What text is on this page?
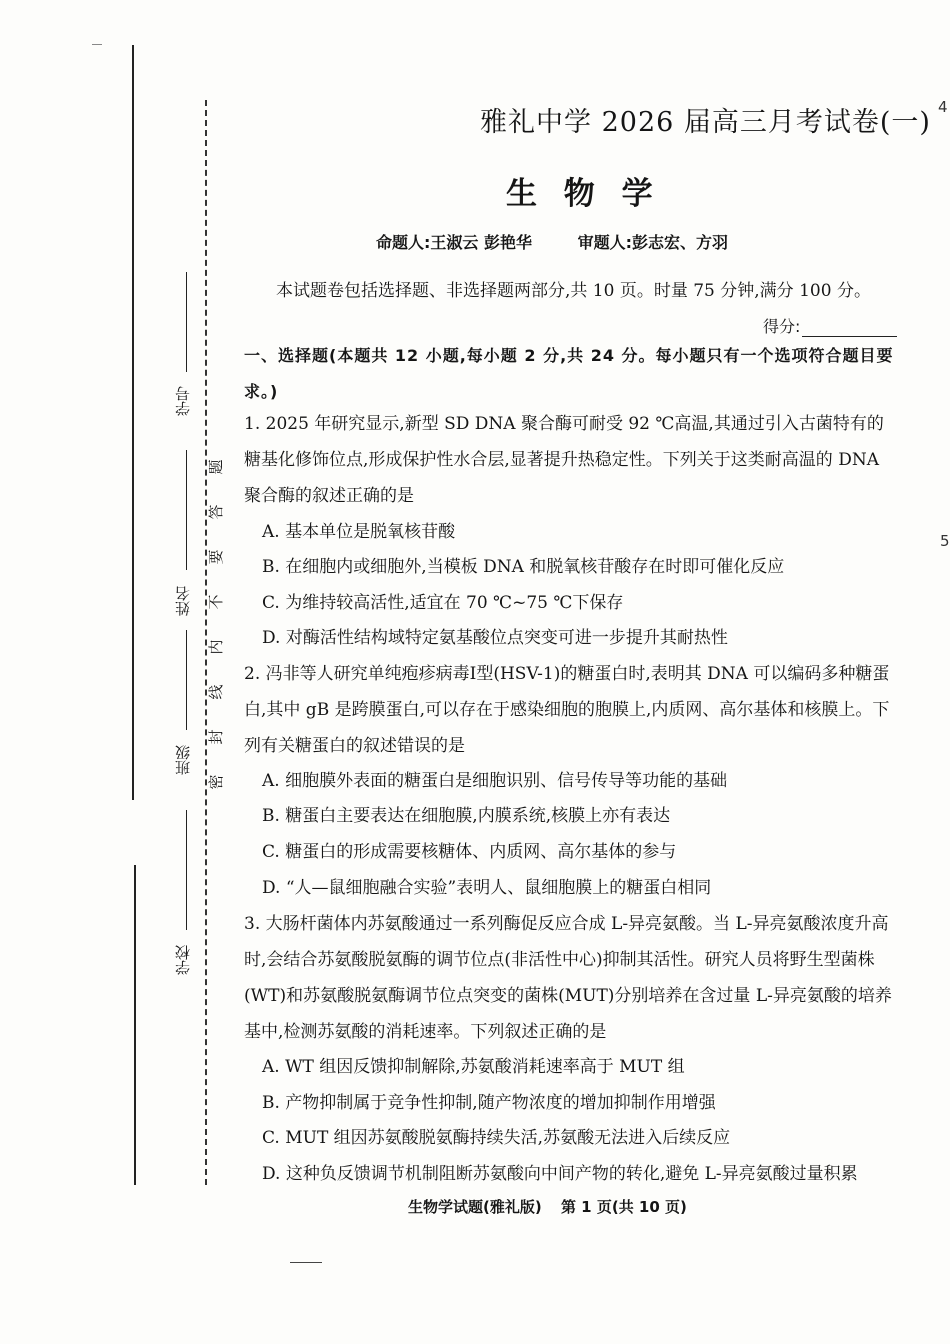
学号
姓名
班级
学校
题
答
要
不
内
线
封
密
雅礼中学 2026 届高三月考试卷(一)
生 物 学
命题人:王淑云 彭艳华	审题人:彭志宏、方羽
本试题卷包括选择题、非选择题两部分,共 10 页。时量 75 分钟,满分 100 分。
得分:
一、选择题(本题共 12 小题,每小题 2 分,共 24 分。每小题只有一个选项符合题目要求。)
1. 2025 年研究显示,新型 SD DNA 聚合酶可耐受 92 ℃高温,其通过引入古菌特有的糖基化修饰位点,形成保护性水合层,显著提升热稳定性。下列关于这类耐高温的 DNA 聚合酶的叙述正确的是
A. 基本单位是脱氧核苷酸
B. 在细胞内或细胞外,当模板 DNA 和脱氧核苷酸存在时即可催化反应
C. 为维持较高活性,适宜在 70 ℃~75 ℃下保存
D. 对酶活性结构域特定氨基酸位点突变可进一步提升其耐热性
2. 冯非等人研究单纯疱疹病毒Ⅰ型(HSV-1)的糖蛋白时,表明其 DNA 可以编码多种糖蛋白,其中 gB 是跨膜蛋白,可以存在于感染细胞的胞膜上,内质网、高尔基体和核膜上。下列有关糖蛋白的叙述错误的是
A. 细胞膜外表面的糖蛋白是细胞识别、信号传导等功能的基础
B. 糖蛋白主要表达在细胞膜,内膜系统,核膜上亦有表达
C. 糖蛋白的形成需要核糖体、内质网、高尔基体的参与
D. “人—鼠细胞融合实验”表明人、鼠细胞膜上的糖蛋白相同
3. 大肠杆菌体内苏氨酸通过一系列酶促反应合成 L-异亮氨酸。当 L-异亮氨酸浓度升高时,会结合苏氨酸脱氨酶的调节位点(非活性中心)抑制其活性。研究人员将野生型菌株(WT)和苏氨酸脱氨酶调节位点突变的菌株(MUT)分别培养在含过量 L-异亮氨酸的培养基中,检测苏氨酸的消耗速率。下列叙述正确的是
A. WT 组因反馈抑制解除,苏氨酸消耗速率高于 MUT 组
B. 产物抑制属于竞争性抑制,随产物浓度的增加抑制作用增强
C. MUT 组因苏氨酸脱氨酶持续失活,苏氨酸无法进入后续反应
D. 这种负反馈调节机制阻断苏氨酸向中间产物的转化,避免 L-异亮氨酸过量积累
生物学试题(雅礼版) 第 1 页(共 10 页)
4
5
